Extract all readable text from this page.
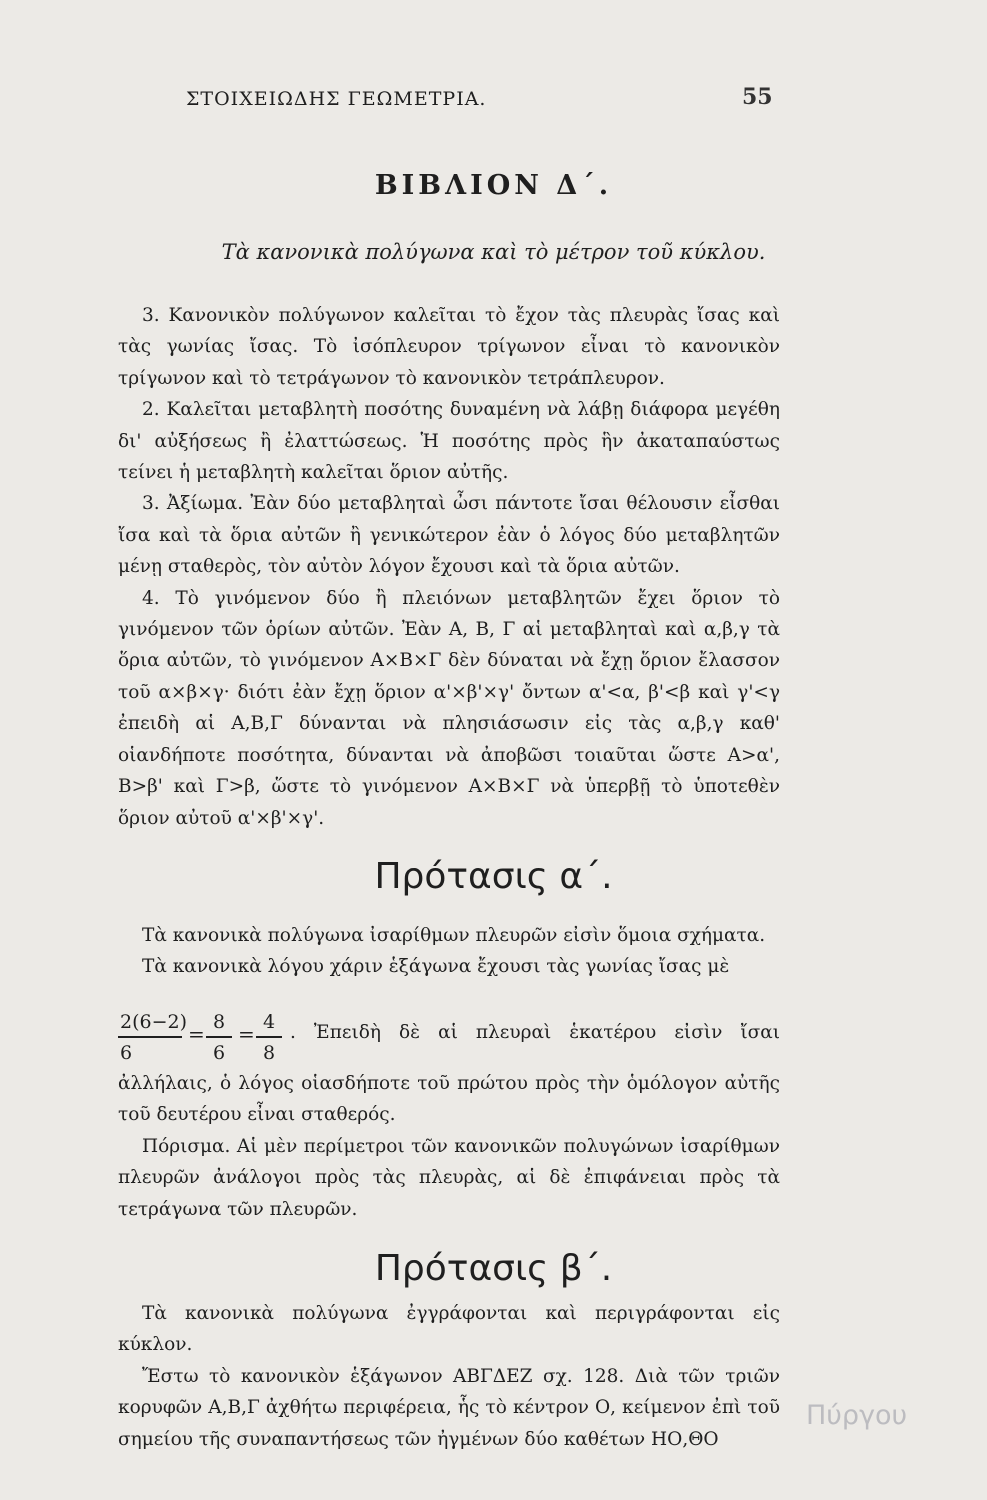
ΣΤΟΙΧΕΙΩΔΗΣ ΓΕΩΜΕΤΡΙΑ.	55
ΒΙΒΛΙΟΝ Δ΄.
Τὰ κανονικὰ πολύγωνα καὶ τὸ μέτρον τοῦ κύκλου.

3. Κανονικὸν πολύγωνον καλεῖται τὸ ἔχον τὰς πλευρὰς ἴσας καὶ τὰς γωνίας ἴσας. Τὸ ἰσόπλευρον τρίγωνον εἶναι τὸ κανονικὸν τρίγωνον καὶ τὸ τετράγωνον τὸ κανονικὸν τετράπλευρον.

2. Καλεῖται μεταβλητὴ ποσότης δυναμένη νὰ λάβῃ διάφορα μεγέθη δι' αὐξήσεως ἢ ἐλαττώσεως. Ἡ ποσότης πρὸς ἣν ἀκαταπαύστως τείνει ἡ μεταβλητὴ καλεῖται ὅριον αὐτῆς.

3. Ἀξίωμα. Ἐὰν δύο μεταβληταὶ ὦσι πάντοτε ἴσαι θέλουσιν εἶσθαι ἴσα καὶ τὰ ὅρια αὐτῶν ἢ γενικώτερον ἐὰν ὁ λόγος δύο μεταβλητῶν μένῃ σταθερὸς, τὸν αὐτὸν λόγον ἔχουσι καὶ τὰ ὅρια αὐτῶν.

4. Τὸ γινόμενον δύο ἢ πλειόνων μεταβλητῶν ἔχει ὅριον τὸ γινόμενον τῶν ὁρίων αὐτῶν. Ἐὰν Α, Β, Γ αἱ μεταβληταὶ καὶ α,β,γ τὰ ὅρια αὐτῶν, τὸ γινόμενον Α×Β×Γ δὲν δύναται νὰ ἔχῃ ὅριον ἔλασσον τοῦ α×β×γ· διότι ἐὰν ἔχῃ ὅριον α'×β'×γ' ὄντων α'<α, β'<β καὶ γ'<γ ἐπειδὴ αἱ Α,Β,Γ δύνανται νὰ πλησιάσωσιν εἰς τὰς α,β,γ καθ' οἱανδήποτε ποσότητα, δύνανται νὰ ἀποβῶσι τοιαῦται ὥστε Α>α', Β>β' καὶ Γ>β, ὥστε τὸ γινόμενον Α×Β×Γ νὰ ὑπερβῇ τὸ ὑποτεθὲν ὅριον αὐτοῦ α'×β'×γ'.

Πρότασις α΄.

Τὰ κανονικὰ πολύγωνα ἰσαρίθμων πλευρῶν εἰσὶν ὅμοια σχήματα.

Τὰ κανονικὰ λόγου χάριν ἑξάγωνα ἔχουσι τὰς γωνίας ἴσας μὲ

$\frac{2(6-2)}{6} = \frac{8}{6} = \frac{4}{8}$ . Ἐπειδὴ δὲ αἱ πλευραὶ ἑκατέρου εἰσὶν ἴσαι

ἀλλήλαις, ὁ λόγος οἱασδήποτε τοῦ πρώτου πρὸς τὴν ὁμόλογον αὐτῆς τοῦ δευτέρου εἶναι σταθερός.

Πόρισμα. Αἱ μὲν περίμετροι τῶν κανονικῶν πολυγώνων ἰσαρίθμων πλευρῶν ἀνάλογοι πρὸς τὰς πλευρὰς, αἱ δὲ ἐπιφάνειαι πρὸς τὰ τετράγωνα τῶν πλευρῶν.

Πρότασις β΄.

Τὰ κανονικὰ πολύγωνα ἐγγράφονται καὶ περιγράφονται εἰς κύκλον.

Ἔστω τὸ κανονικὸν ἑξάγωνον ΑΒΓΔΕΖ σχ. 128. Διὰ τῶν τριῶν κορυφῶν Α,Β,Γ ἀχθήτω περιφέρεια, ἧς τὸ κέντρον Ο, κείμενον ἐπὶ τοῦ σημείου τῆς συναπαντήσεως τῶν ἠγμένων δύο καθέτων ΗΟ,ΘΟ

Πύργου
